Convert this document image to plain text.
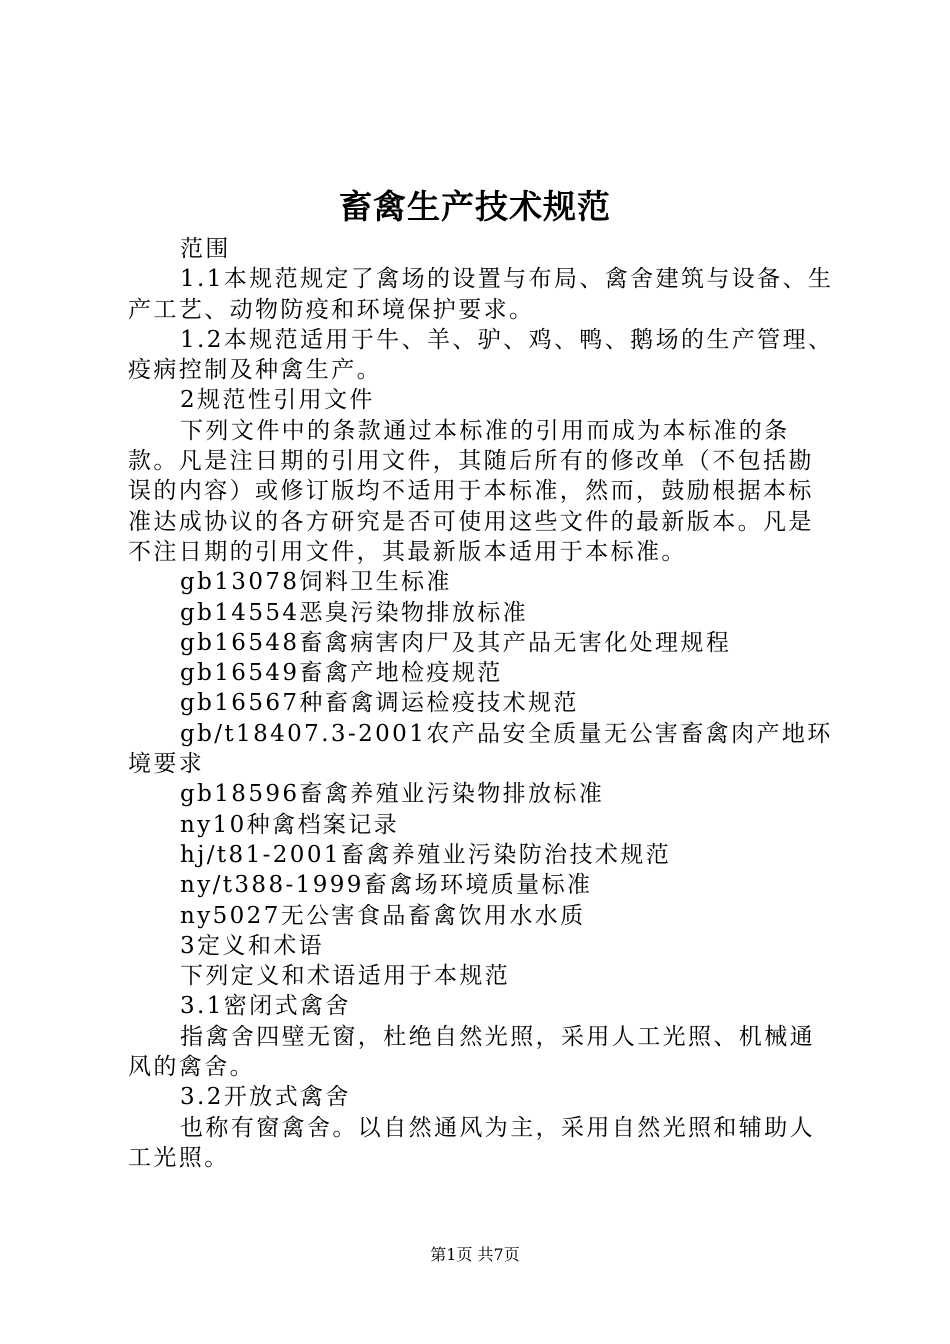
畜禽生产技术规范

范围

1.1本规范规定了禽场的设置与布局、禽舍建筑与设备、生产工艺、动物防疫和环境保护要求。

1.2本规范适用于牛、羊、驴、鸡、鸭、鹅场的生产管理、疫病控制及种禽生产。

2规范性引用文件

下列文件中的条款通过本标准的引用而成为本标准的条款。凡是注日期的引用文件，其随后所有的修改单（不包括勘误的内容）或修订版均不适用于本标准，然而，鼓励根据本标准达成协议的各方研究是否可使用这些文件的最新版本。凡是不注日期的引用文件，其最新版本适用于本标准。

gb13078饲料卫生标准

gb14554恶臭污染物排放标准

gb16548畜禽病害肉尸及其产品无害化处理规程

gb16549畜禽产地检疫规范

gb16567种畜禽调运检疫技术规范

gb/t18407.3-2001农产品安全质量无公害畜禽肉产地环境要求

gb18596畜禽养殖业污染物排放标准

ny10种禽档案记录

hj/t81-2001畜禽养殖业污染防治技术规范

ny/t388-1999畜禽场环境质量标准

ny5027无公害食品畜禽饮用水水质

3定义和术语

下列定义和术语适用于本规范

3.1密闭式禽舍

指禽舍四壁无窗，杜绝自然光照，采用人工光照、机械通风的禽舍。

3.2开放式禽舍

也称有窗禽舍。以自然通风为主，采用自然光照和辅助人工光照。

第1页 共7页
